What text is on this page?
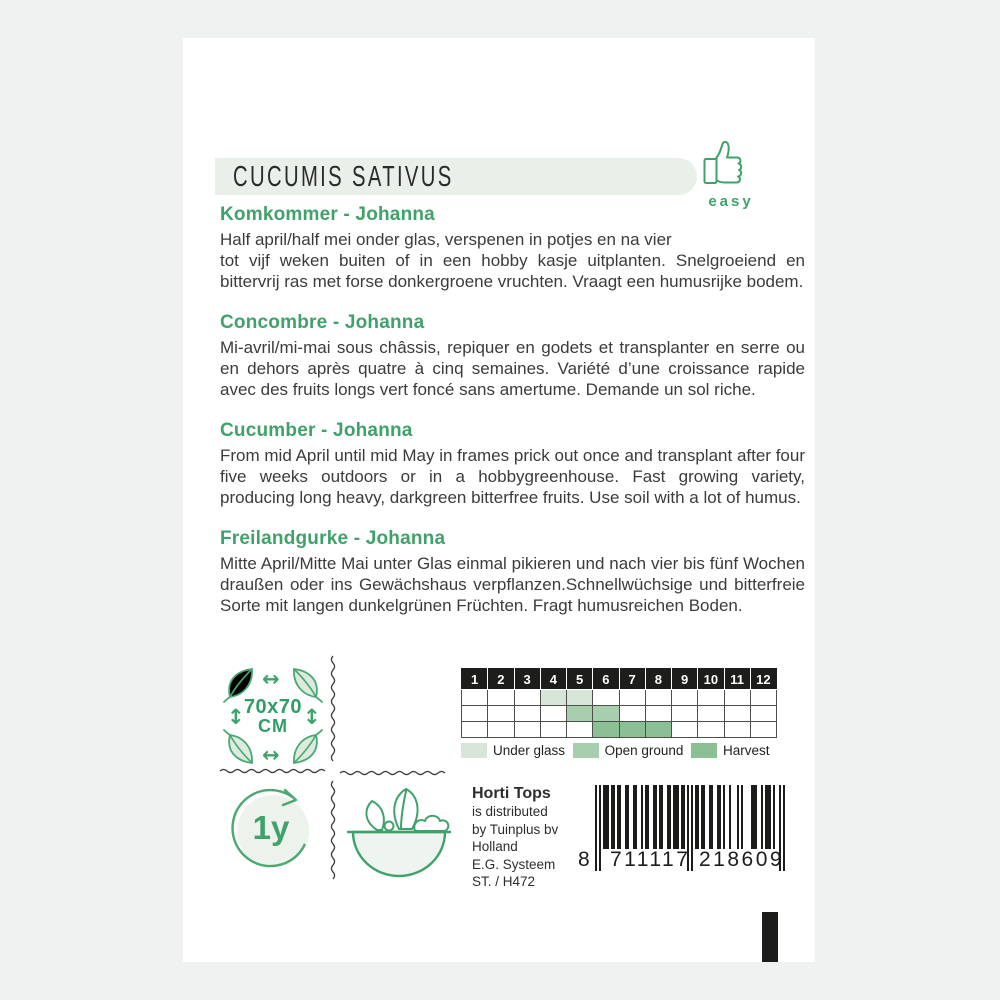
CUCUMIS SATIVUS
easy
Komkommer - Johanna

Half april/half mei onder glas, verspenen in potjes en na vier

tot vijf weken buiten of in een hobby kasje uitplanten. Snelgroeiend en bittervrij ras met forse donkergroene vruchten. Vraagt een humusrijke bodem.

Concombre - Johanna

Mi-avril/mi-mai sous châssis, repiquer en godets et transplanter en serre ou en dehors après quatre à cinq semaines. Variété d’une croissance rapide avec des fruits longs vert foncé sans amertume. Demande un sol riche.

Cucumber - Johanna

From mid April until mid May in frames prick out once and transplant after four five weeks outdoors or in a hobbygreenhouse. Fast growing variety, producing long heavy, darkgreen bitterfree fruits. Use soil with a lot of humus.

Freilandgurke - Johanna

Mitte April/Mitte Mai unter Glas einmal pikieren und nach vier bis fünf Wochen draußen oder ins Gewächshaus verpflanzen.Schnellwüchsige und bitterfreie Sorte mit langen dunkelgrünen Früchten. Fragt humusreichen Boden.

↔
↔
↕	↕
70x70
CM
1y
1	2	3	4	5	6	7	8	9	10	11	12

Under glass	Open ground	Harvest
Horti Tops
is distributed
by Tuinplus bv
Holland
E.G. Systeem
ST. / H472
8 711117 218609
